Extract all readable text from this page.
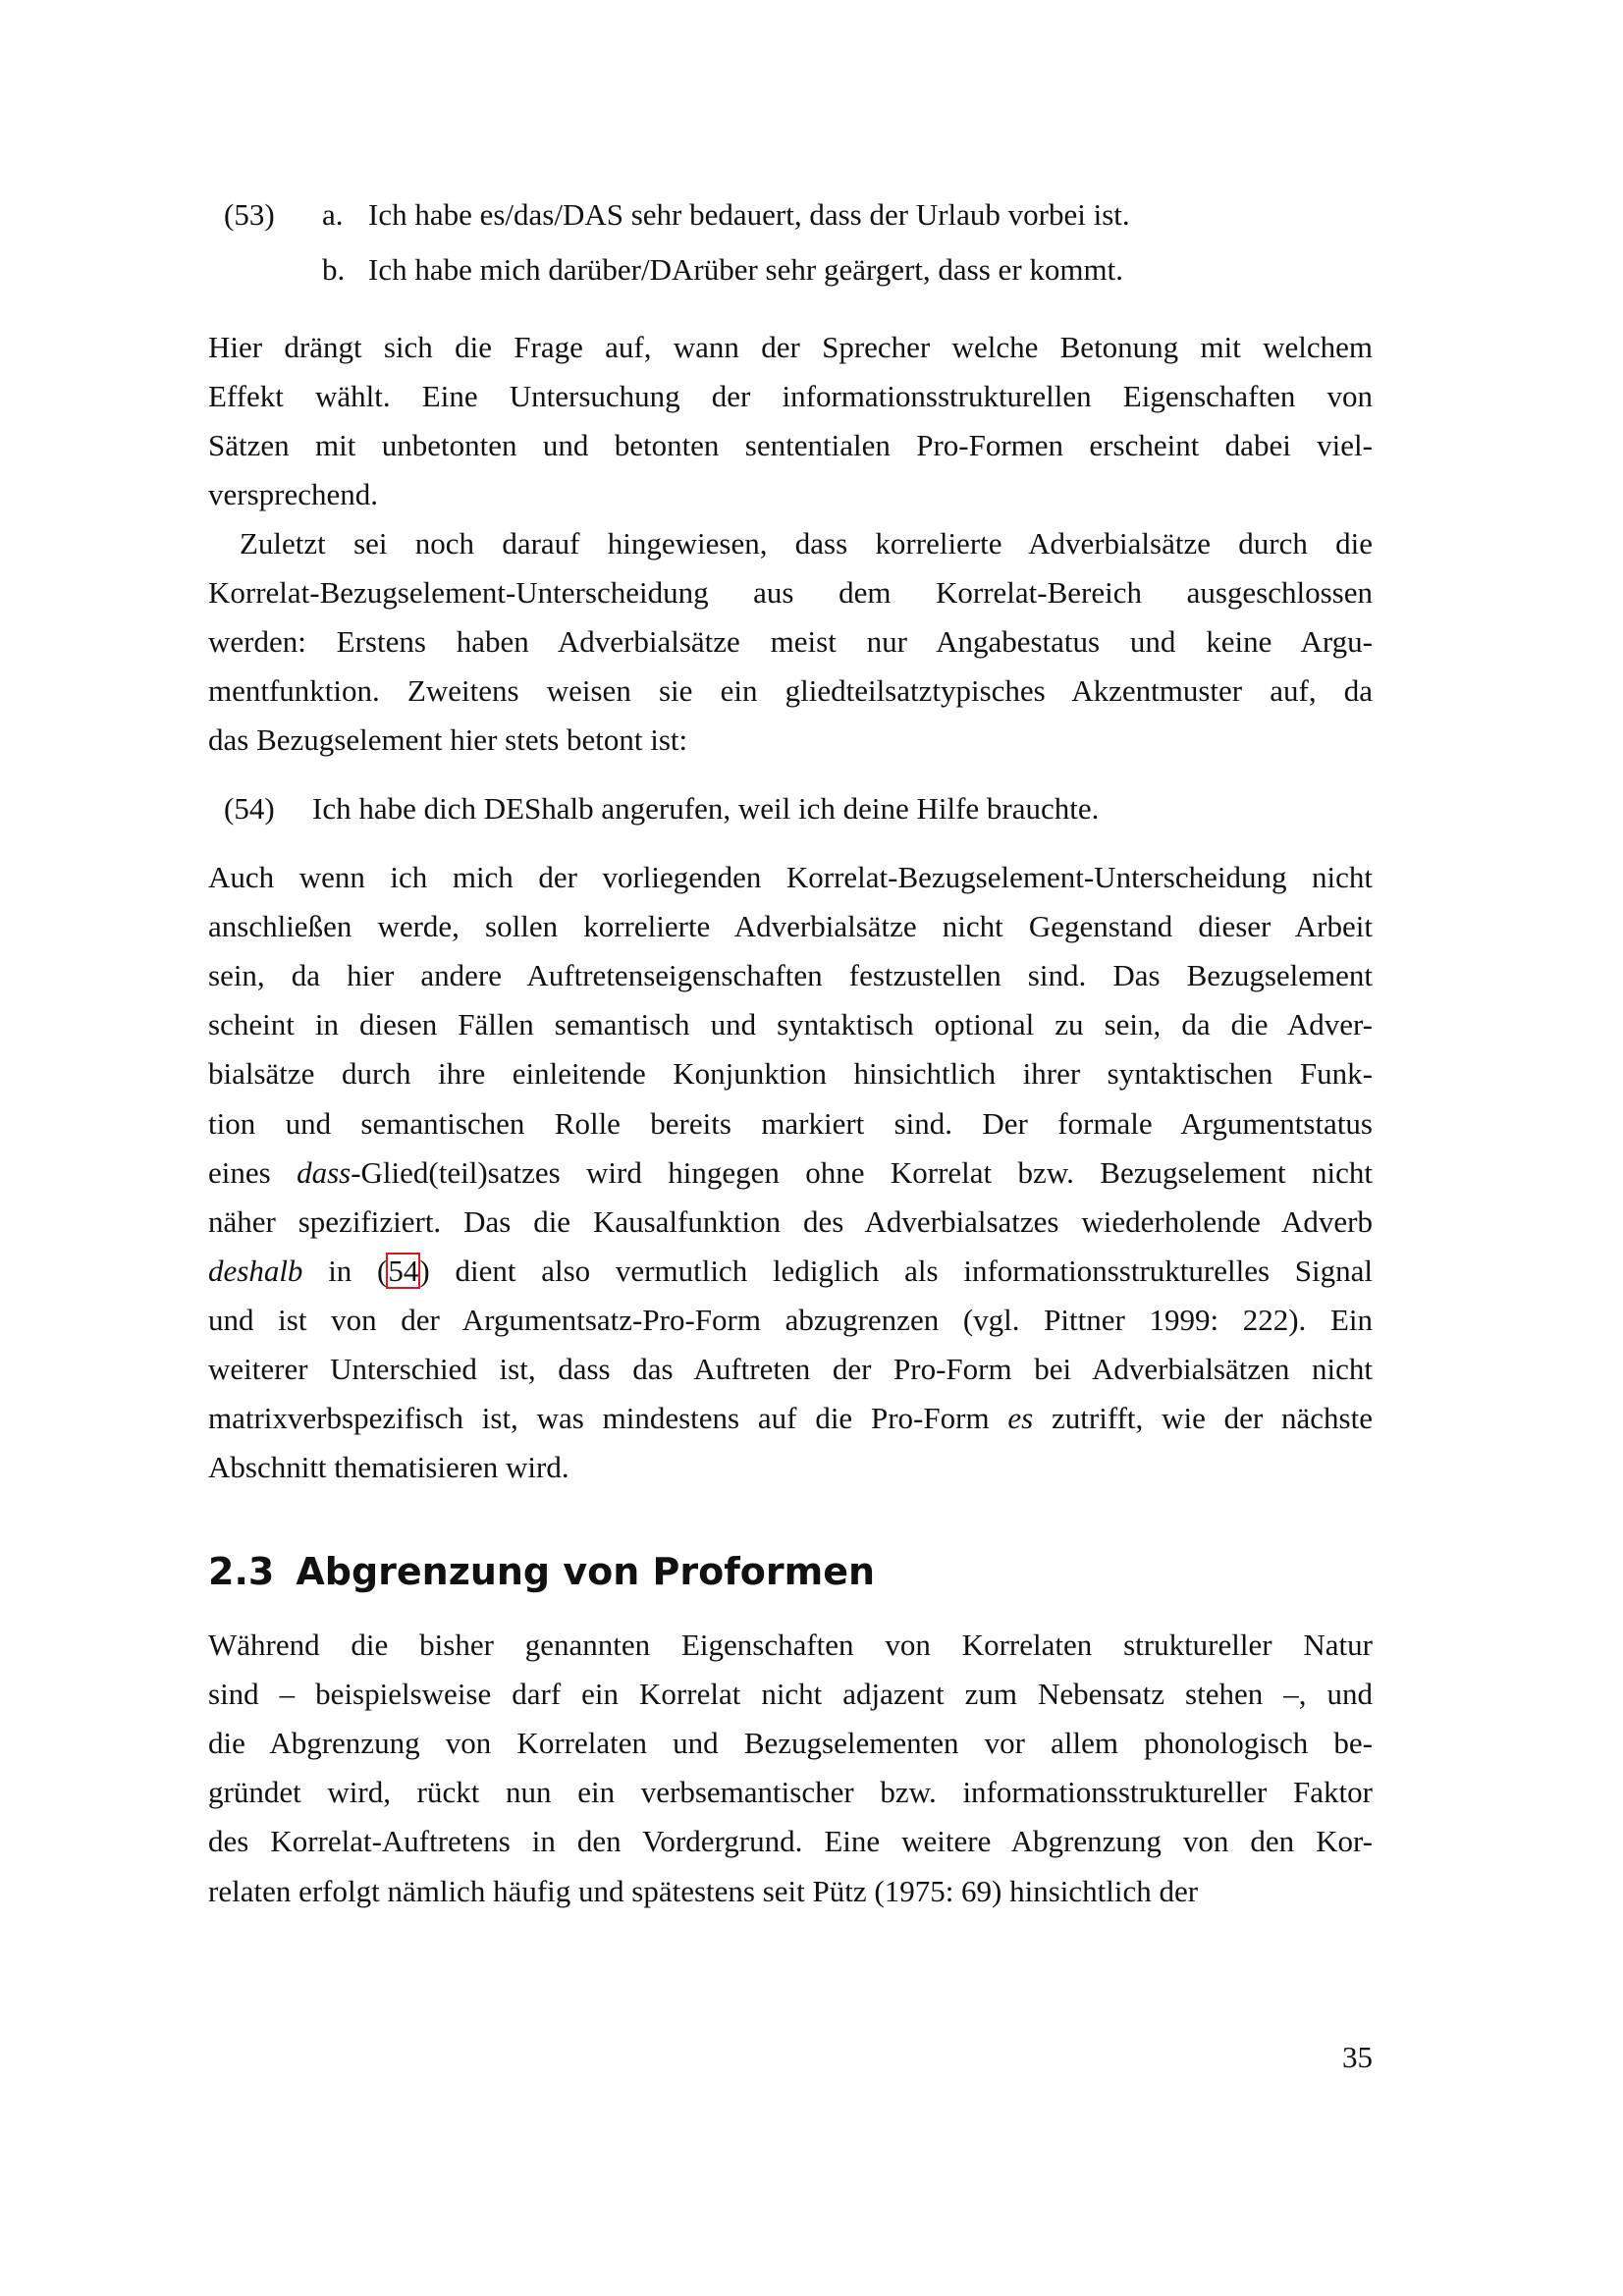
(53) a. Ich habe es/das/DAS sehr bedauert, dass der Urlaub vorbei ist.
b. Ich habe mich darüber/DArüber sehr geärgert, dass er kommt.
Hier drängt sich die Frage auf, wann der Sprecher welche Betonung mit welchem
Effekt wählt. Eine Untersuchung der informationsstrukturellen Eigenschaften von
Sätzen mit unbetonten und betonten sententialen Pro-Formen erscheint dabei viel-
versprechend.
Zuletzt sei noch darauf hingewiesen, dass korrelierte Adverbialsätze durch die
Korrelat-Bezugselement-Unterscheidung aus dem Korrelat-Bereich ausgeschlossen
werden: Erstens haben Adverbialsätze meist nur Angabestatus und keine Argu-
mentfunktion. Zweitens weisen sie ein gliedteilsatztypisches Akzentmuster auf, da
das Bezugselement hier stets betont ist:
(54) Ich habe dich DEShalb angerufen, weil ich deine Hilfe brauchte.
Auch wenn ich mich der vorliegenden Korrelat-Bezugselement-Unterscheidung nicht
anschließen werde, sollen korrelierte Adverbialsätze nicht Gegenstand dieser Arbeit
sein, da hier andere Auftretenseigenschaften festzustellen sind. Das Bezugselement
scheint in diesen Fällen semantisch und syntaktisch optional zu sein, da die Adver-
bialsätze durch ihre einleitende Konjunktion hinsichtlich ihrer syntaktischen Funk-
tion und semantischen Rolle bereits markiert sind. Der formale Argumentstatus
eines dass-Glied(teil)satzes wird hingegen ohne Korrelat bzw. Bezugselement nicht
näher spezifiziert. Das die Kausalfunktion des Adverbialsatzes wiederholende Adverb
deshalb in (54) dient also vermutlich lediglich als informationsstrukturelles Signal
und ist von der Argumentsatz-Pro-Form abzugrenzen (vgl. Pittner 1999: 222). Ein
weiterer Unterschied ist, dass das Auftreten der Pro-Form bei Adverbialsätzen nicht
matrixverbspezifisch ist, was mindestens auf die Pro-Form es zutrifft, wie der nächste
Abschnitt thematisieren wird.
2.3 Abgrenzung von Proformen
Während die bisher genannten Eigenschaften von Korrelaten struktureller Natur
sind – beispielsweise darf ein Korrelat nicht adjazent zum Nebensatz stehen –, und
die Abgrenzung von Korrelaten und Bezugselementen vor allem phonologisch be-
gründet wird, rückt nun ein verbsemantischer bzw. informationsstruktureller Faktor
des Korrelat-Auftretens in den Vordergrund. Eine weitere Abgrenzung von den Kor-
relaten erfolgt nämlich häufig und spätestens seit Pütz (1975: 69) hinsichtlich der
35
